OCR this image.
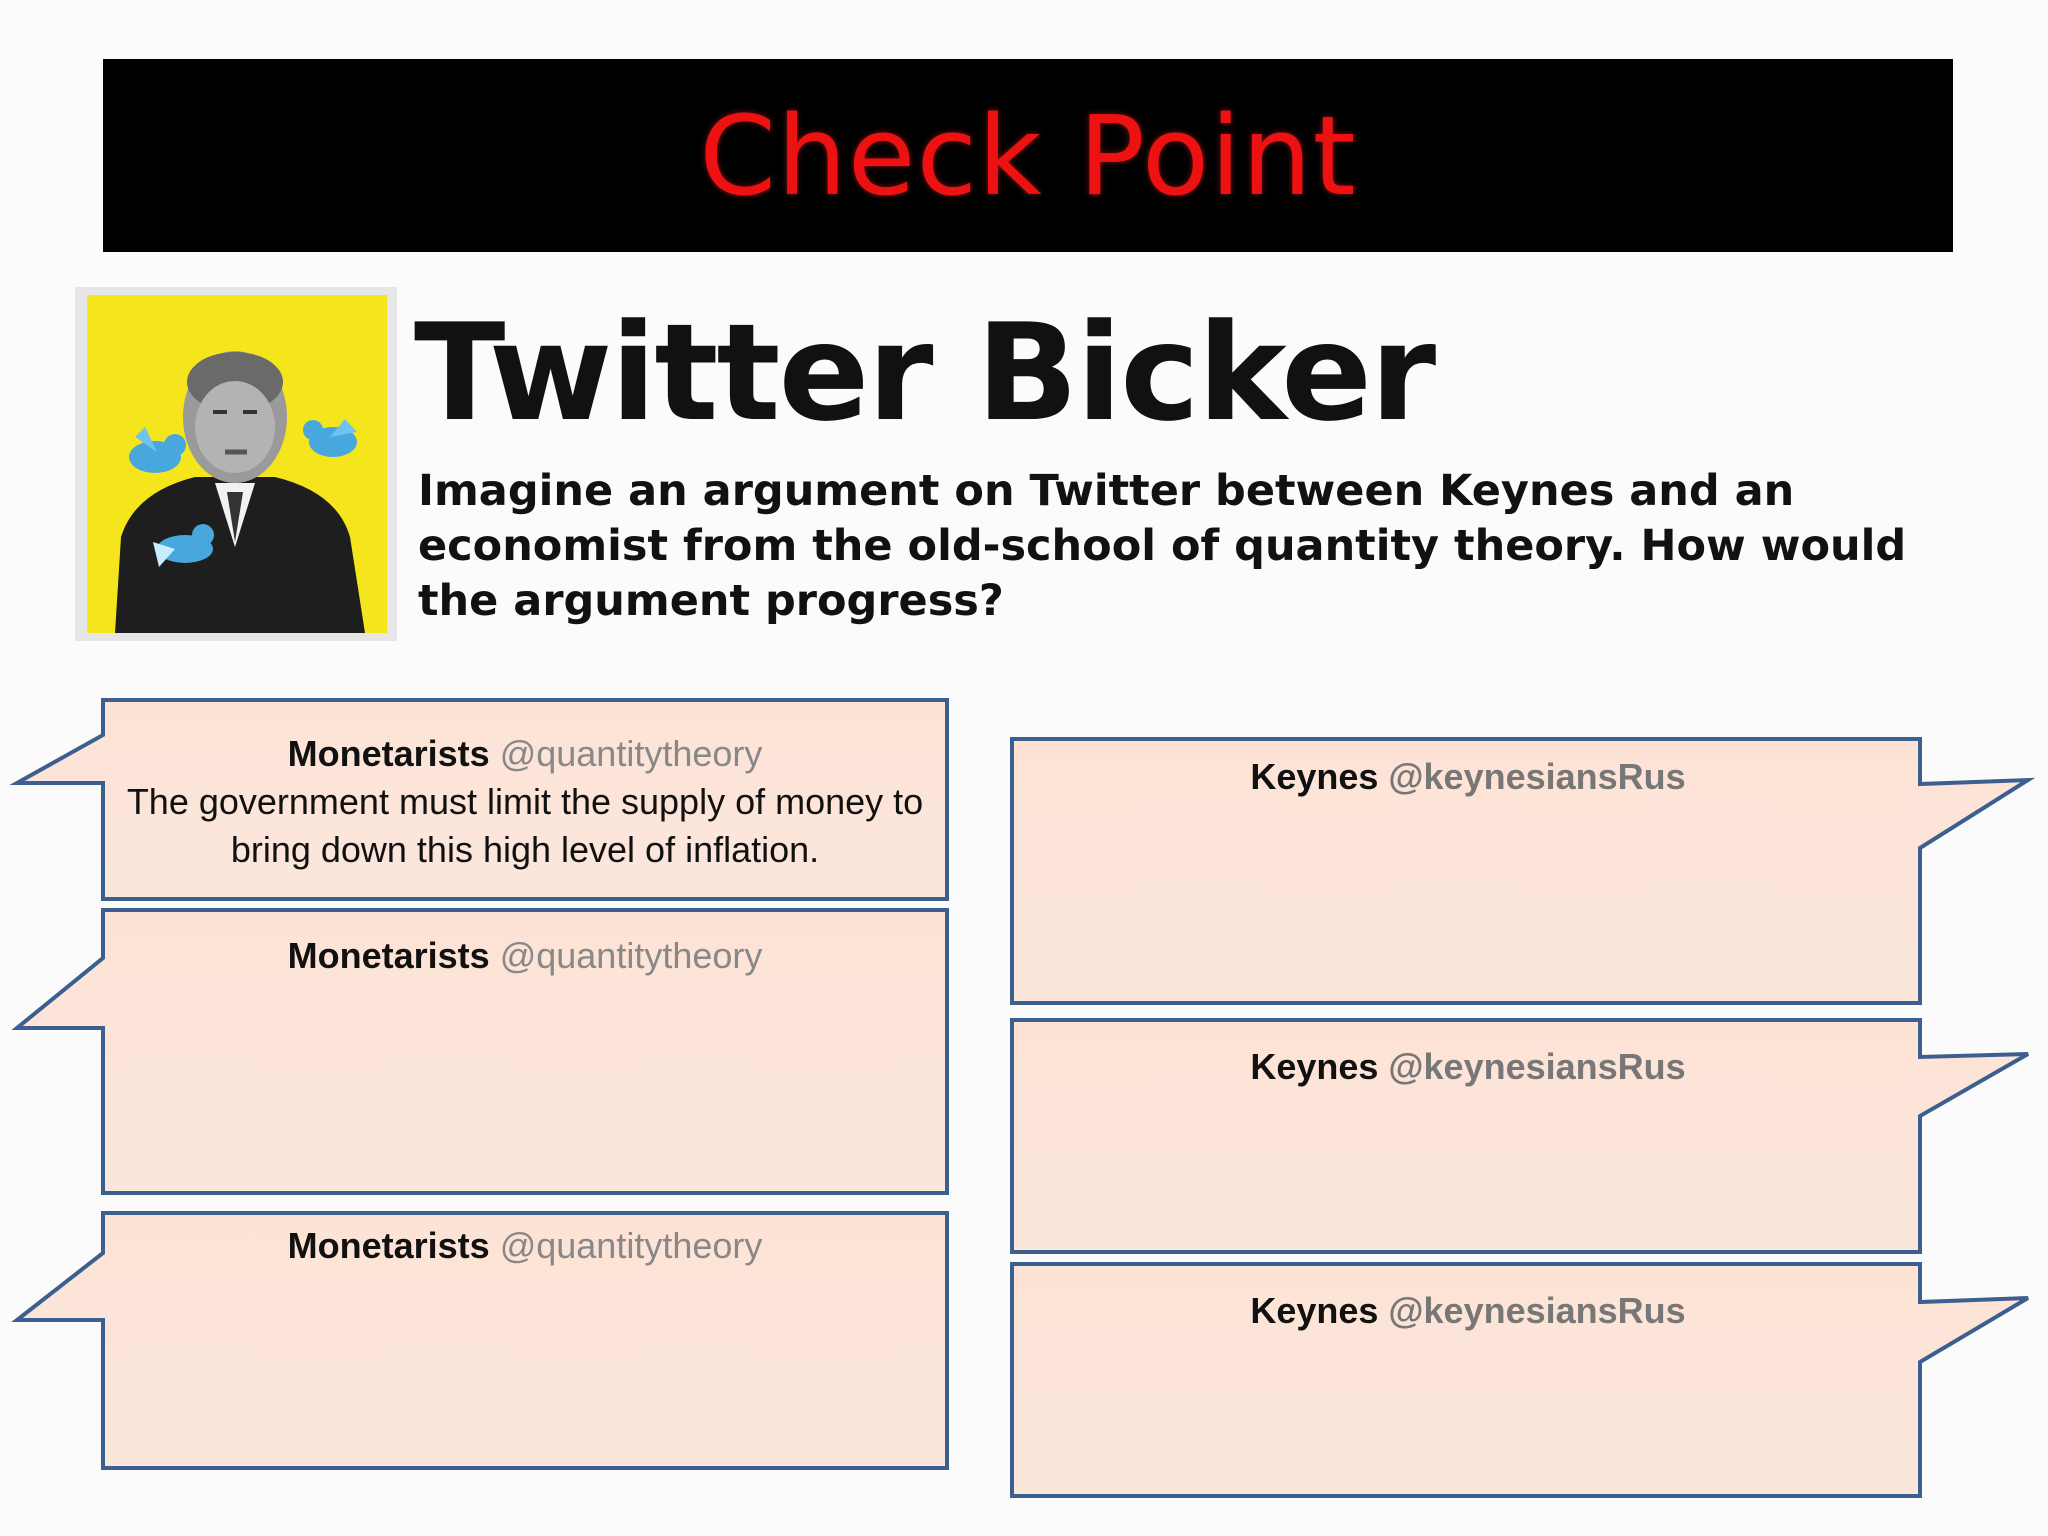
Check Point
Twitter Bicker
Imagine an argument on Twitter between Keynes and an economist from the old-school of quantity theory. How would the argument progress?
Monetarists @quantitytheory
The government must limit the supply of money to bring down this high level of inflation.
Monetarists @quantitytheory

Monetarists @quantitytheory

Keynes @keynesiansRus

Keynes @keynesiansRus

Keynes @keynesiansRus
